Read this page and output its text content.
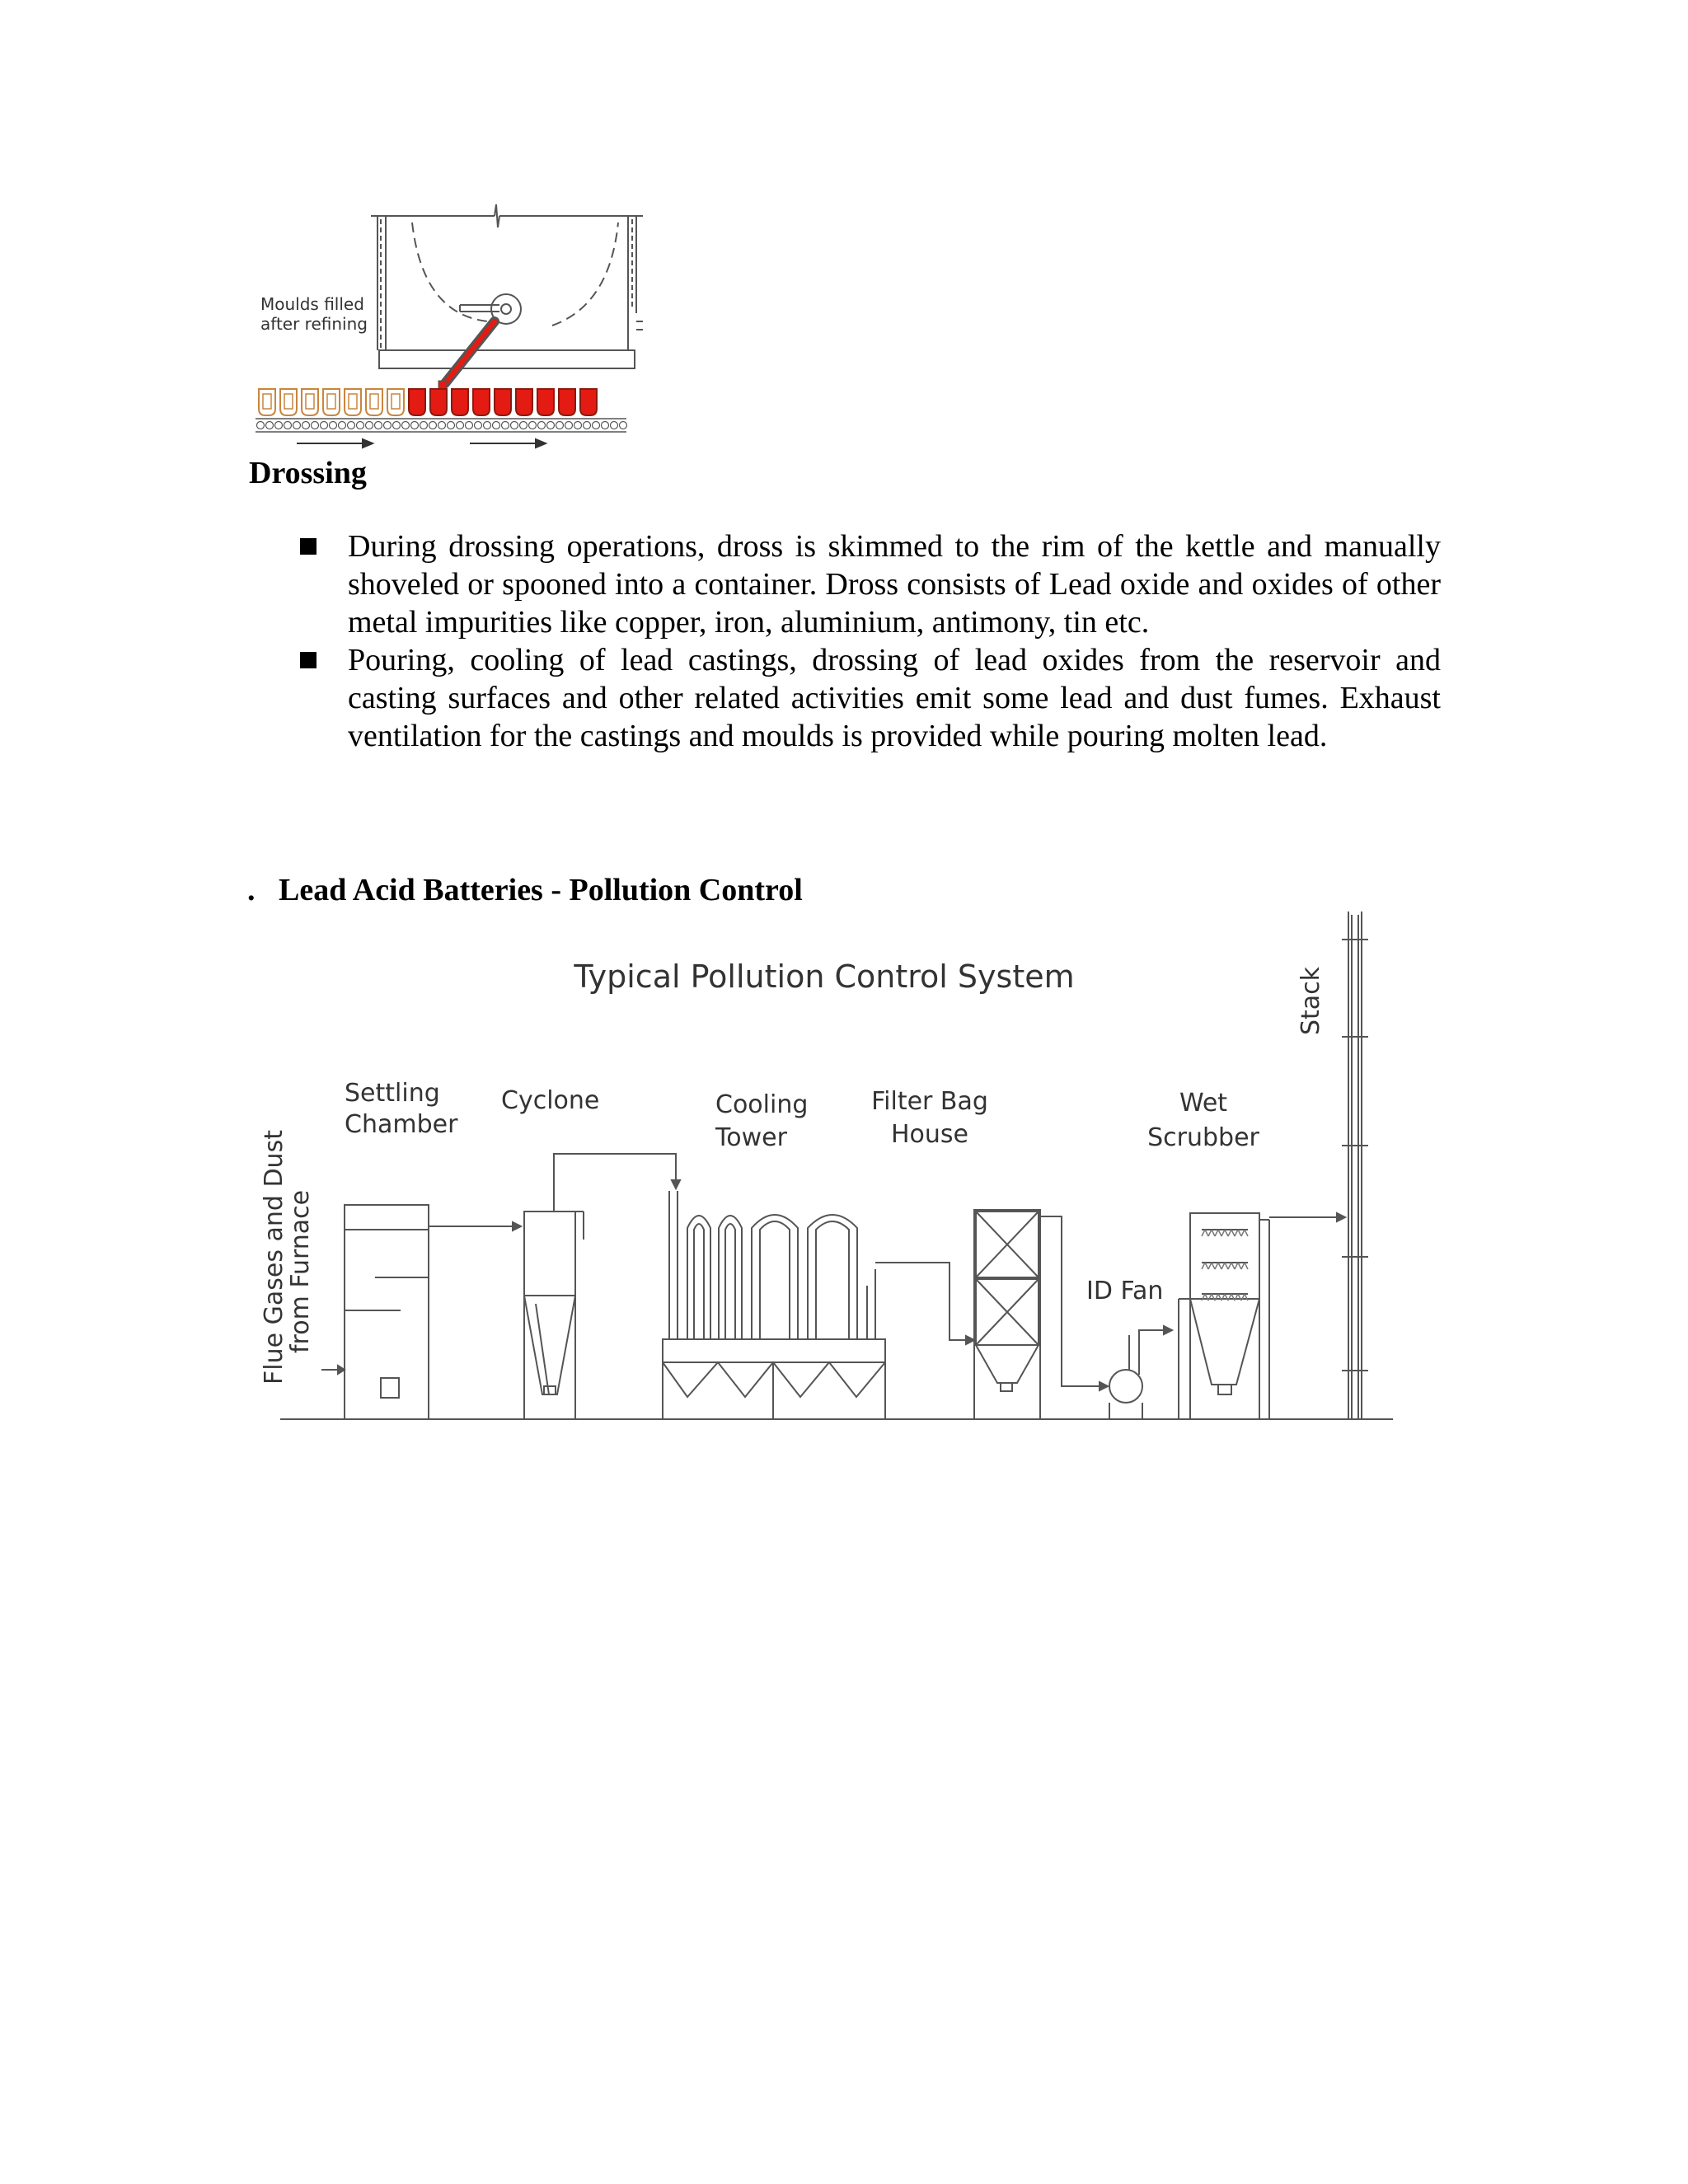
Moulds filled
after refining
Drossing
During drossing operations, dross is skimmed to the rim of the kettle and manually shoveled or spooned into a container. Dross consists of Lead oxide and oxides of other metal impurities like copper, iron, aluminium, antimony, tin etc.
Pouring, cooling of lead castings, drossing of lead oxides from the reservoir and casting surfaces and other related activities emit some lead and dust fumes. Exhaust ventilation for the castings and moulds is provided while pouring molten lead.
. Lead Acid Batteries - Pollution Control
Typical Pollution Control System
Flue Gases and Dust
from Furnace
Settling
Chamber
Cyclone	Cooling
Tower
Filter Bag
House
ID Fan
Wet
Scrubber
Stack
